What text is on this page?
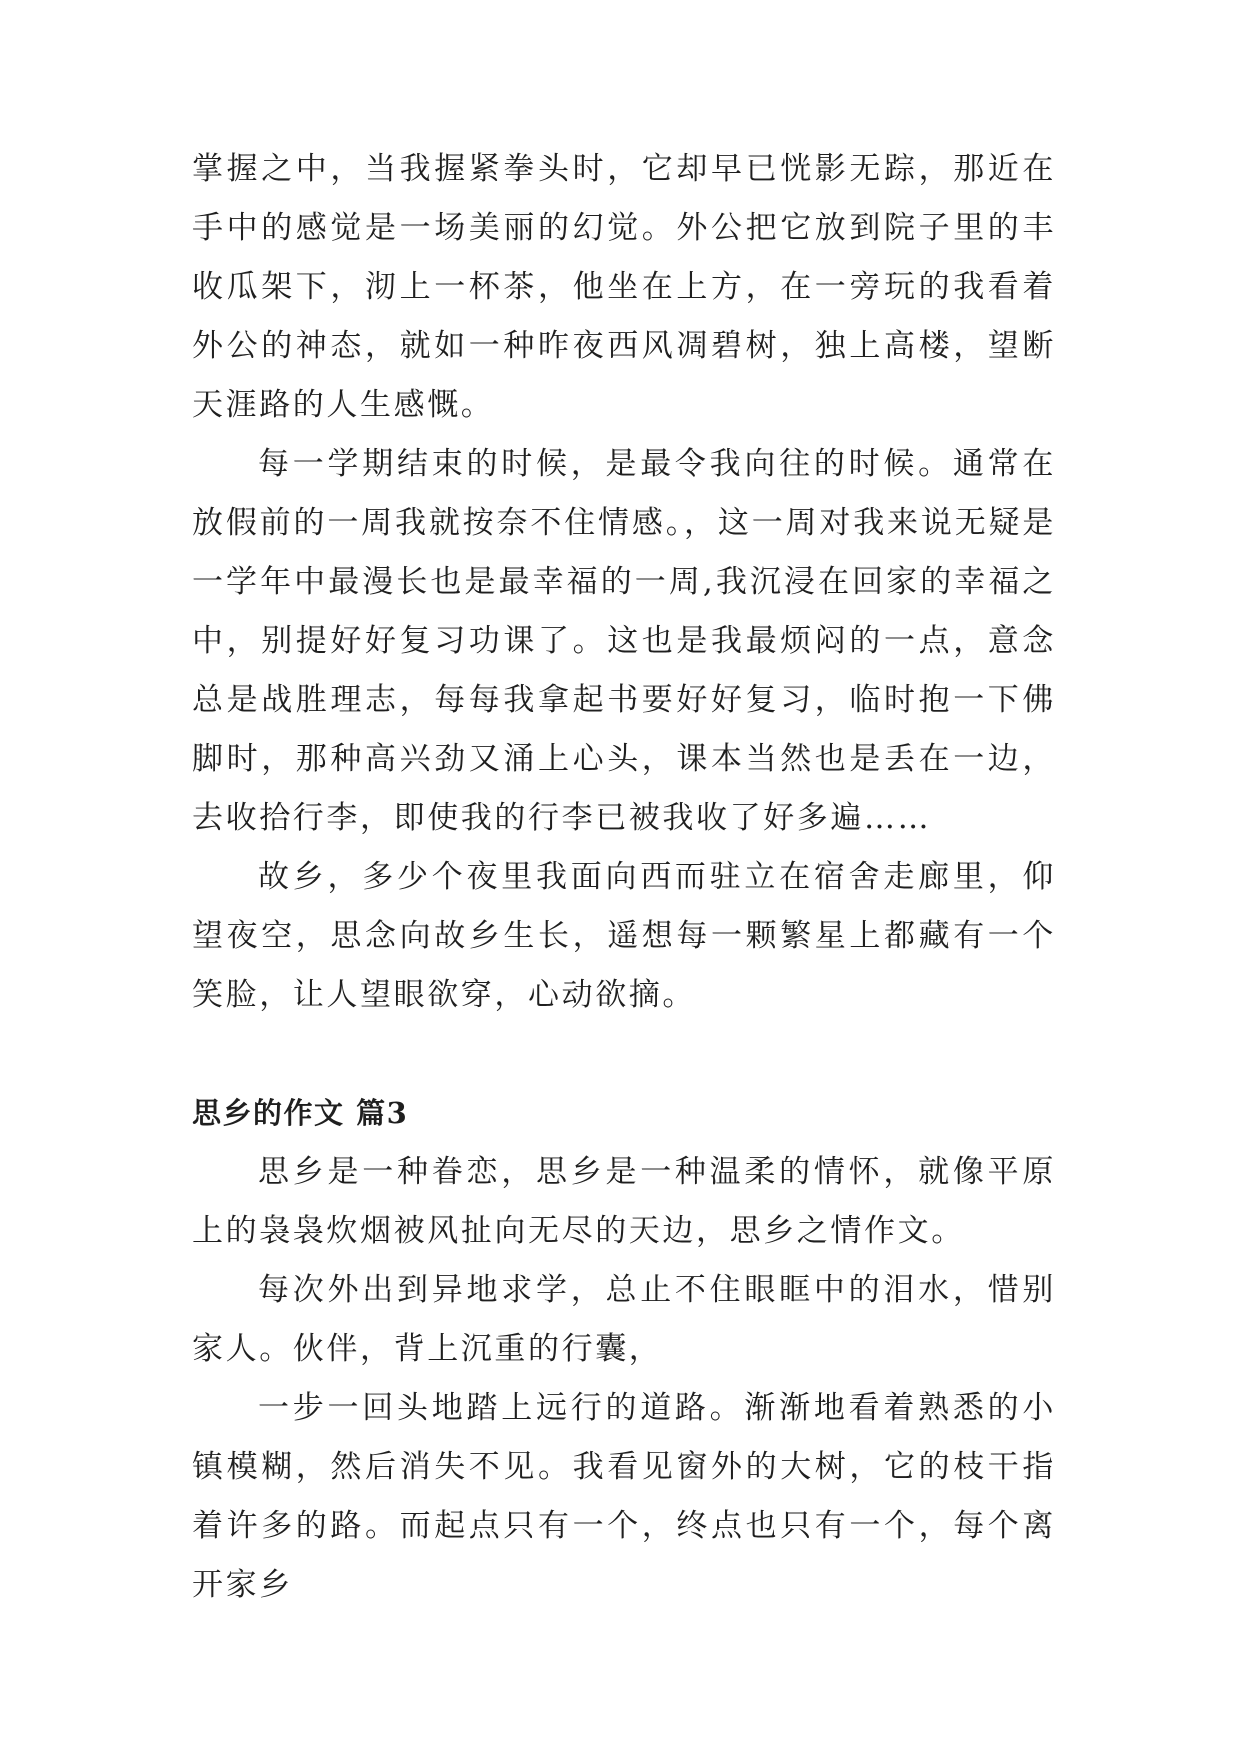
掌握之中，当我握紧拳头时，它却早已恍影无踪，那近在手中的感觉是一场美丽的幻觉。外公把它放到院子里的丰收瓜架下，沏上一杯茶，他坐在上方，在一旁玩的我看着外公的神态，就如一种昨夜西风凋碧树，独上高楼，望断天涯路的人生感慨。

每一学期结束的时候，是最令我向往的时候。通常在放假前的一周我就按奈不住情感。，这一周对我来说无疑是一学年中最漫长也是最幸福的一周,我沉浸在回家的幸福之中，别提好好复习功课了。这也是我最烦闷的一点，意念总是战胜理志，每每我拿起书要好好复习，临时抱一下佛脚时，那种高兴劲又涌上心头，课本当然也是丢在一边，去收拾行李，即使我的行李已被我收了好多遍……

故乡，多少个夜里我面向西而驻立在宿舍走廊里，仰望夜空，思念向故乡生长，遥想每一颗繁星上都藏有一个笑脸，让人望眼欲穿，心动欲摘。

思乡的作文 篇3

思乡是一种眷恋，思乡是一种温柔的情怀，就像平原上的袅袅炊烟被风扯向无尽的天边，思乡之情作文。

每次外出到异地求学，总止不住眼眶中的泪水，惜别家人。伙伴，背上沉重的行囊，

一步一回头地踏上远行的道路。渐渐地看着熟悉的小镇模糊，然后消失不见。我看见窗外的大树，它的枝干指着许多的路。而起点只有一个，终点也只有一个，每个离开家乡
